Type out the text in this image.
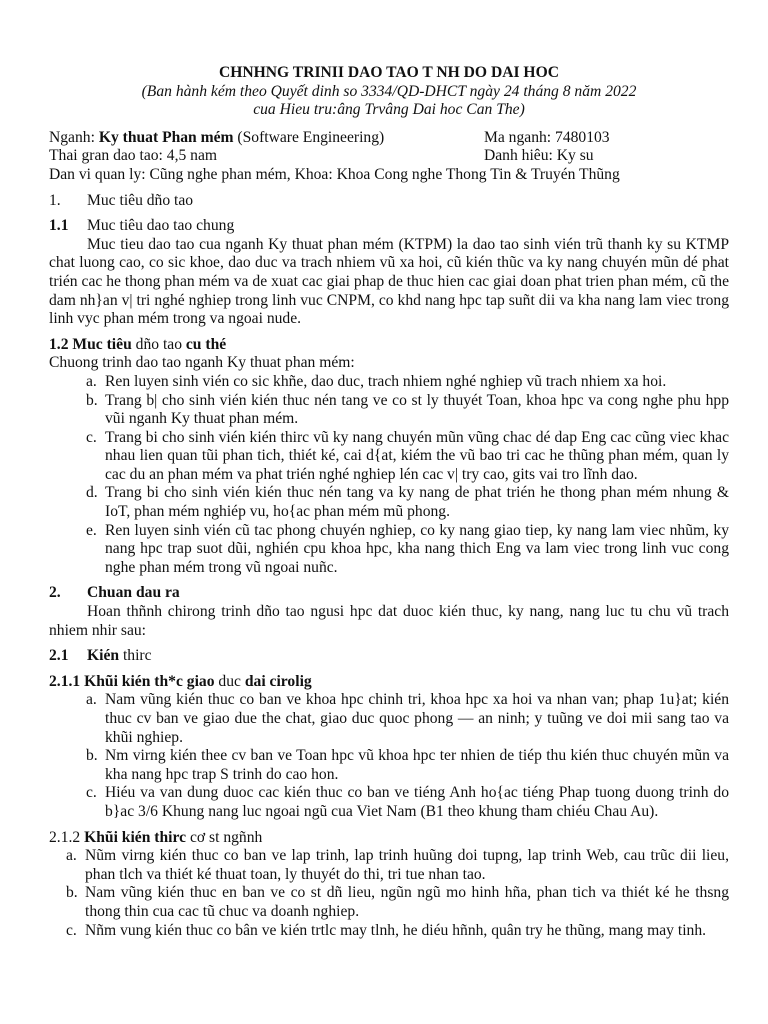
CHNHNG TRINII DAO TAO T NH DO DAI HOC

(Ban hành kém theo Quyết dinh so 3334/QD-DHCT ngày 24 tháng 8 năm 2022

cua Hieu tru:âng Trvâng Dai hoc Can The)

Nganh: Ky thuat Phan mém (Software Engineering)	Ma nganh: 7480103
Thai gran dao tao: 4,5 nam	Danh hiêu: Ky su
Dan vi quan ly: Cũng nghe phan mém, Khoa: Khoa Cong nghe Thong Tin & Truyén Thũng

1. Muc tiêu dño tao

1.1 Muc tiêu dao tao chung

Muc tieu dao tao cua nganh Ky thuat phan mém (KTPM) la dao tao sinh vién trũ thanh ky su KTMP chat luong cao, co sic khoe, dao duc va trach nhiem vũ xa hoi, cũ kién thũc va ky nang chuyén mũn dé phat trién cac he thong phan mém va de xuat cac giai phap de thuc hien cac giai doan phat trien phan mém, cũ the dam nh}an v| tri nghé nghiep trong linh vuc CNPM, co khd nang hpc tap suñt dii va kha nang lam viec trong linh vyc phan mém trong va ngoai nude.

1.2 Muc tiêu dño tao cu thé

Chuong trinh dao tao nganh Ky thuat phan mém:

a. Ren luyen sinh vién co sic khñe, dao duc, trach nhiem nghé nghiep vũ trach nhiem xa hoi.
b. Trang b| cho sinh vién kién thuc nén tang ve co st ly thuyét Toan, khoa hpc va cong nghe phu hpp vũi nganh Ky thuat phan mém.
c. Trang bi cho sinh vién kién thirc vũ ky nang chuyén mũn vũng chac dé dap Eng cac cũng viec khac nhau lien quan tũi phan tich, thiét ké, cai d{at, kiém the vũ bao tri cac he thũng phan mém, quan ly cac du an phan mém va phat trién nghé nghiep lén cac v| try cao, gits vai tro lĩnh dao.
d. Trang bi cho sinh vién kién thuc nén tang va ky nang de phat trién he thong phan mém nhung & IoT, phan mém nghiép vu, ho{ac phan mém mũ phong.
e. Ren luyen sinh vién cũ tac phong chuyén nghiep, co ky nang giao tiep, ky nang lam viec nhũm, ky nang hpc trap suot dũi, nghién cpu khoa hpc, kha nang thich Eng va lam viec trong linh vuc cong nghe phan mém trong vũ ngoai nuñc.

2. Chuan dau ra

Hoan thñnh chirong trinh dño tao ngusi hpc dat duoc kién thuc, ky nang, nang luc tu chu vũ trach nhiem nhir sau:

2.1 Kién thirc

2.1.1 Khũi kién th*c giao duc dai cirolig

a. Nam vũng kién thuc co ban ve khoa hpc chinh tri, khoa hpc xa hoi va nhan van; phap 1u}at; kién thuc cv ban ve giao due the chat, giao duc quoc phong — an ninh; y tuũng ve doi mii sang tao va khũi nghiep.
b. Nm virng kién thee cv ban ve Toan hpc vũ khoa hpc ter nhien de tiép thu kién thuc chuyén mũn va kha nang hpc trap S trinh do cao hon.
c. Hiéu va van dung duoc cac kién thuc co ban ve tiéng Anh ho{ac tiéng Phap tuong duong trinh do b}ac 3/6 Khung nang luc ngoai ngũ cua Viet Nam (B1 theo khung tham chiéu Chau Au).

2.1.2 Khũi kién thirc cơ st ngñnh

a. Nũm virng kién thuc co ban ve lap trinh, lap trinh huũng doi tupng, lap trinh Web, cau trũc dii lieu, phan tlch va thiét ké thuat toan, ly thuyét do thi, tri tue nhan tao.
b. Nam vũng kién thuc en ban ve co st dñ lieu, ngũn ngũ mo hinh hña, phan tich va thiét ké he thsng thong thin cua cac tũ chuc va doanh nghiep.
c. Nñm vung kién thuc co bân ve kién trtlc may tlnh, he diéu hñnh, quân try he thũng, mang may tinh.
